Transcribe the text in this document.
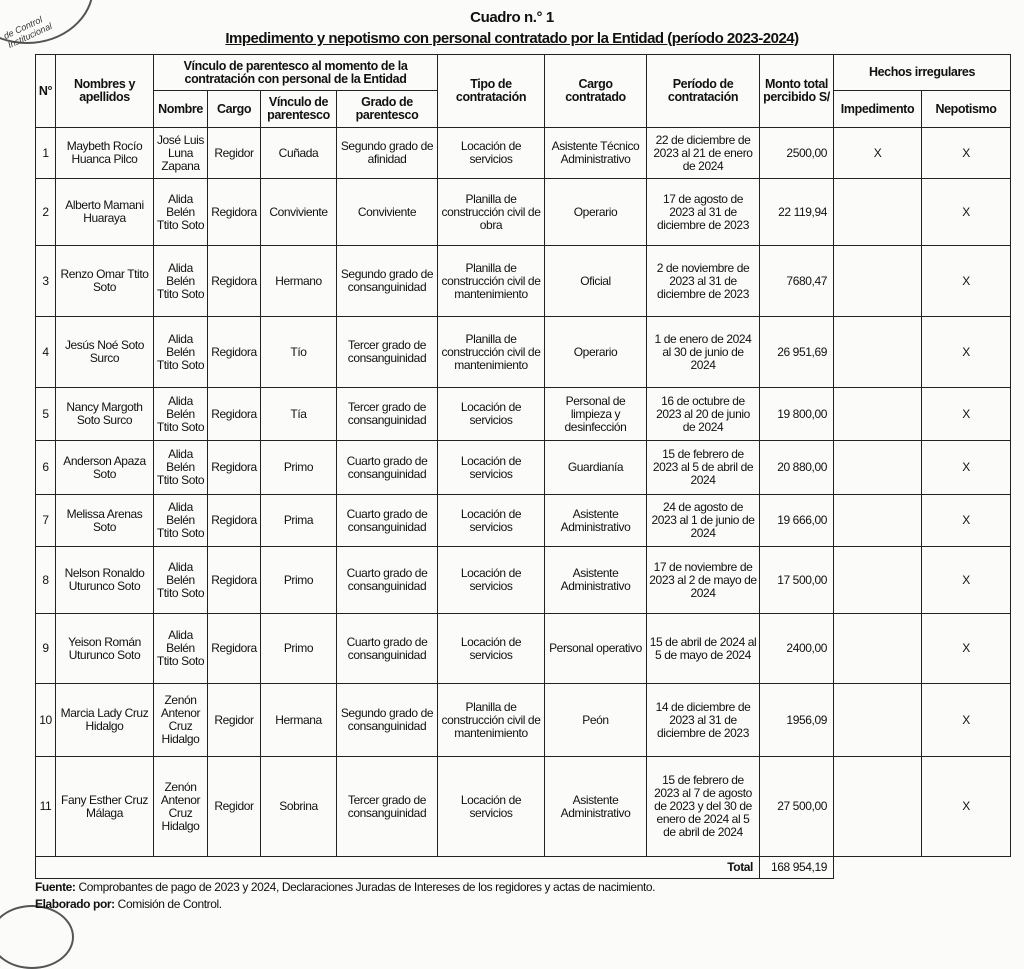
de Control Institucional
Cuadro n.° 1
Impedimento y nepotismo con personal contratado por la Entidad (período 2023-2024)
N°	Nombres y apellidos	Vínculo de parentesco al momento de la contratación con personal de la Entidad				Tipo de contratación	Cargo contratado	Período de contratación	Monto total percibido S/	Hechos irregulares	
		Nombre	Cargo	Vínculo de parentesco	Grado de parentesco					Impedimento	Nepotismo
1	Maybeth Rocío Huanca Pilco	José Luis Luna Zapana	Regidor	Cuñada	Segundo grado de afinidad	Locación de servicios	Asistente Técnico Administrativo	22 de diciembre de 2023 al 21 de enero de 2024	2500,00	X	X
2	Alberto Mamani Huaraya	Alida Belén Ttito Soto	Regidora	Conviviente	Conviviente	Planilla de construcción civil de obra	Operario	17 de agosto de 2023 al 31 de diciembre de 2023	22 119,94		X
3	Renzo Omar Ttito Soto	Alida Belén Ttito Soto	Regidora	Hermano	Segundo grado de consanguinidad	Planilla de construcción civil de mantenimiento	Oficial	2 de noviembre de 2023 al 31 de diciembre de 2023	7680,47		X
4	Jesús Noé Soto Surco	Alida Belén Ttito Soto	Regidora	Tío	Tercer grado de consanguinidad	Planilla de construcción civil de mantenimiento	Operario	1 de enero de 2024 al 30 de junio de 2024	26 951,69		X
5	Nancy Margoth Soto Surco	Alida Belén Ttito Soto	Regidora	Tía	Tercer grado de consanguinidad	Locación de servicios	Personal de limpieza y desinfección	16 de octubre de 2023 al 20 de junio de 2024	19 800,00		X
6	Anderson Apaza Soto	Alida Belén Ttito Soto	Regidora	Primo	Cuarto grado de consanguinidad	Locación de servicios	Guardianía	15 de febrero de 2023 al 5 de abril de 2024	20 880,00		X
7	Melissa Arenas Soto	Alida Belén Ttito Soto	Regidora	Prima	Cuarto grado de consanguinidad	Locación de servicios	Asistente Administrativo	24 de agosto de 2023 al 1 de junio de 2024	19 666,00		X
8	Nelson Ronaldo Uturunco Soto	Alida Belén Ttito Soto	Regidora	Primo	Cuarto grado de consanguinidad	Locación de servicios	Asistente Administrativo	17 de noviembre de 2023 al 2 de mayo de 2024	17 500,00		X
9	Yeison Román Uturunco Soto	Alida Belén Ttito Soto	Regidora	Primo	Cuarto grado de consanguinidad	Locación de servicios	Personal operativo	15 de abril de 2024 al 5 de mayo de 2024	2400,00		X
10	Marcia Lady Cruz Hidalgo	Zenón Antenor Cruz Hidalgo	Regidor	Hermana	Segundo grado de consanguinidad	Planilla de construcción civil de mantenimiento	Peón	14 de diciembre de 2023 al 31 de diciembre de 2023	1956,09		X
11	Fany Esther Cruz Málaga	Zenón Antenor Cruz Hidalgo	Regidor	Sobrina	Tercer grado de consanguinidad	Locación de servicios	Asistente Administrativo	15 de febrero de 2023 al 7 de agosto de 2023 y del 30 de enero de 2024 al 5 de abril de 2024	27 500,00		X
Total									168 954,19		
Fuente: Comprobantes de pago de 2023 y 2024, Declaraciones Juradas de Intereses de los regidores y actas de nacimiento.
Elaborado por: Comisión de Control.
